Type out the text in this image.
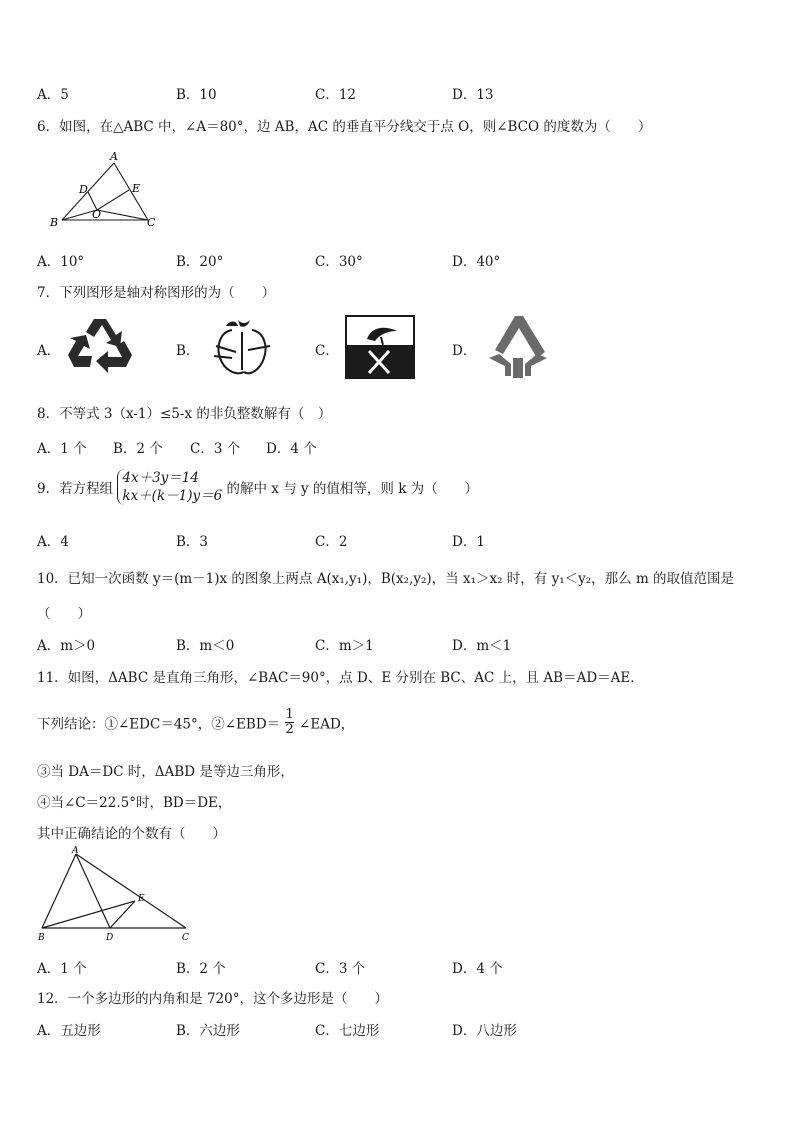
A．5	B．10	C．12	D．13
6．如图，在△ABC 中，∠A＝80°，边 AB，AC 的垂直平分线交于点 O，则∠BCO 的度数为（　　）
A
D	E
O
B	C
A．10°	B．20°	C．30°	D．40°
7．下列图形是轴对称图形的为（　　）
A．	B．	C．	D．
8．不等式 3（x-1）≤5-x 的非负整数解有（　）
A．1 个 B．2 个 C．3 个 D．4 个
9．若方程组
4x＋3y＝14
kx＋(k－1)y＝6 的解中 x 与 y 的值相等，则 k 为（　　）
A．4	B．3	C．2	D．1
10．已知一次函数 y＝(m－1)x 的图象上两点 A(x₁,y₁)，B(x₂,y₂)，当 x₁＞x₂ 时，有 y₁＜y₂，那么 m 的取值范围是
（　　）
A．m＞0	B．m＜0	C．m＞1	D．m＜1
11．如图，ΔABC 是直角三角形，∠BAC＝90°，点 D、E 分别在 BC、AC 上，且 AB＝AD＝AE．
下列结论：①∠EDC＝45°，②∠EBD＝ $\frac{1}{2}$ ∠EAD，
③当 DA＝DC 时，ΔABD 是等边三角形，
④当∠C＝22.5°时，BD＝DE，
其中正确结论的个数有（　　）
A
E
B	D	C
A．1 个	B．2 个	C．3 个	D．4 个
12．一个多边形的内角和是 720°，这个多边形是（　　）
A．五边形	B．六边形	C．七边形	D．八边形
